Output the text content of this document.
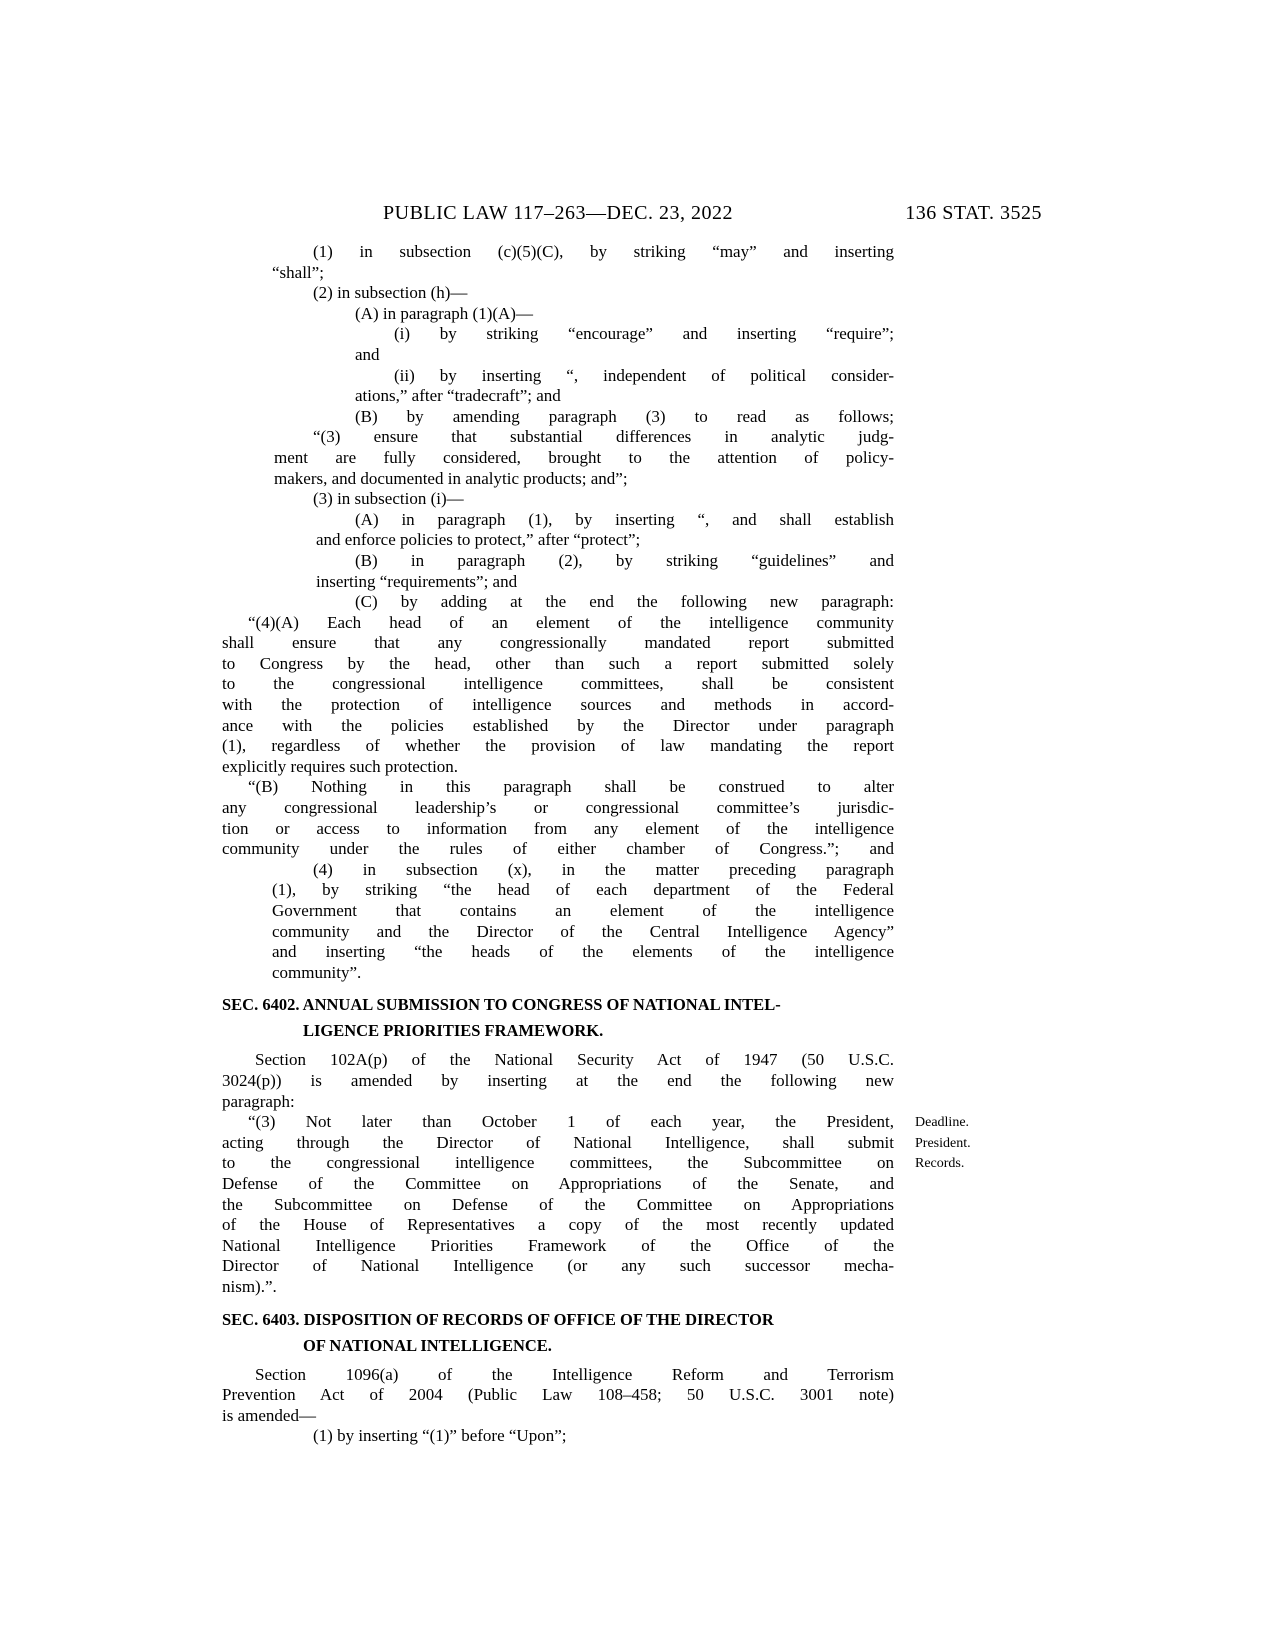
PUBLIC LAW 117–263—DEC. 23, 2022	136 STAT. 3525
(1) in subsection (c)(5)(C), by striking “may” and inserting
“shall”;
(2) in subsection (h)—
(A) in paragraph (1)(A)—
(i) by striking “encourage” and inserting “require”;
and
(ii) by inserting “, independent of political consider-
ations,” after “tradecraft”; and
(B) by amending paragraph (3) to read as follows;
“(3) ensure that substantial differences in analytic judg-
ment are fully considered, brought to the attention of policy-
makers, and documented in analytic products; and”;
(3) in subsection (i)—
(A) in paragraph (1), by inserting “, and shall establish
and enforce policies to protect,” after “protect”;
(B) in paragraph (2), by striking “guidelines” and
inserting “requirements”; and
(C) by adding at the end the following new paragraph:
“(4)(A) Each head of an element of the intelligence community
shall ensure that any congressionally mandated report submitted
to Congress by the head, other than such a report submitted solely
to the congressional intelligence committees, shall be consistent
with the protection of intelligence sources and methods in accord-
ance with the policies established by the Director under paragraph
(1), regardless of whether the provision of law mandating the report
explicitly requires such protection.
“(B) Nothing in this paragraph shall be construed to alter
any congressional leadership’s or congressional committee’s jurisdic-
tion or access to information from any element of the intelligence
community under the rules of either chamber of Congress.”; and
(4) in subsection (x), in the matter preceding paragraph
(1), by striking “the head of each department of the Federal
Government that contains an element of the intelligence
community and the Director of the Central Intelligence Agency”
and inserting “the heads of the elements of the intelligence
community”.
SEC. 6402. ANNUAL SUBMISSION TO CONGRESS OF NATIONAL INTEL-
LIGENCE PRIORITIES FRAMEWORK.
Section 102A(p) of the National Security Act of 1947 (50 U.S.C.
3024(p)) is amended by inserting at the end the following new
paragraph:
“(3) Not later than October 1 of each year, the President,
acting through the Director of National Intelligence, shall submit
to the congressional intelligence committees, the Subcommittee on
Defense of the Committee on Appropriations of the Senate, and
the Subcommittee on Defense of the Committee on Appropriations
of the House of Representatives a copy of the most recently updated
National Intelligence Priorities Framework of the Office of the
Director of National Intelligence (or any such successor mecha-
nism).”.
Deadline.
President.
Records.
SEC. 6403. DISPOSITION OF RECORDS OF OFFICE OF THE DIRECTOR
OF NATIONAL INTELLIGENCE.
Section 1096(a) of the Intelligence Reform and Terrorism
Prevention Act of 2004 (Public Law 108–458; 50 U.S.C. 3001 note)
is amended—
(1) by inserting “(1)” before “Upon”;
